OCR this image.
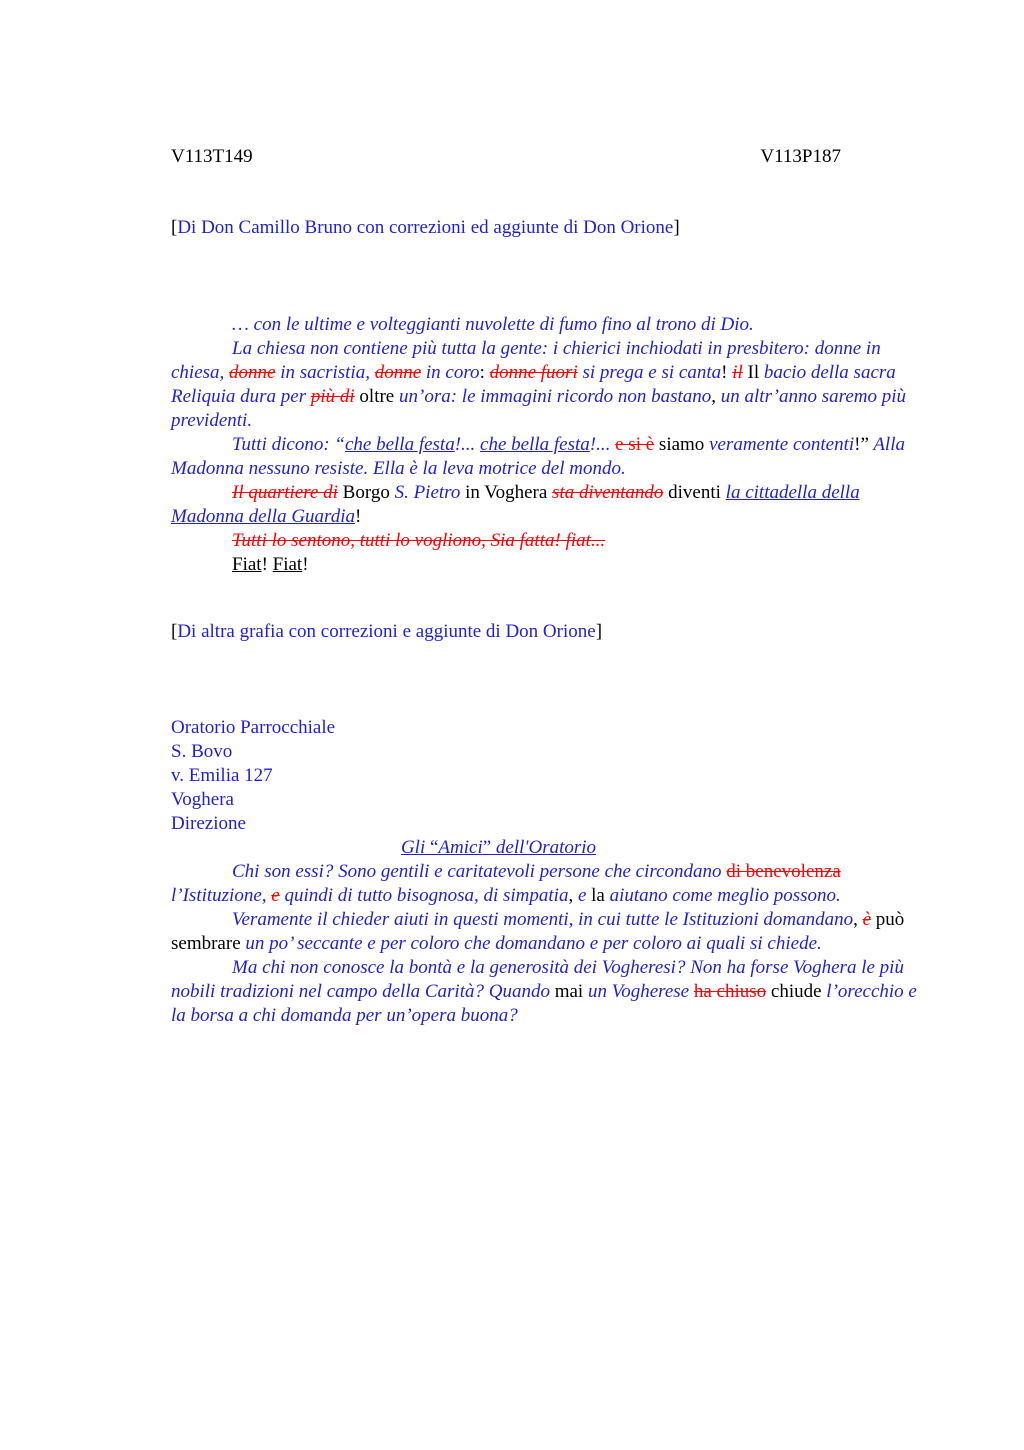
V113T149	V113P187
[Di Don Camillo Bruno con correzioni ed aggiunte di Don Orione]

… con le ultime e volteggianti nuvolette di fumo fino al trono di Dio.

La chiesa non contiene più tutta la gente: i chierici inchiodati in presbitero: donne in chiesa, donne in sacristia, donne in coro: donne fuori si prega e si canta! il Il bacio della sacra Reliquia dura per più di oltre un’ora: le immagini ricordo non bastano, un altr’anno saremo più previdenti.

Tutti dicono: “che bella festa!... che bella festa!... e si è siamo veramente contenti!” Alla Madonna nessuno resiste. Ella è la leva motrice del mondo.

Il quartiere di Borgo S. Pietro in Voghera sta diventando diventi la cittadella della Madonna della Guardia!

Tutti lo sentono, tutti lo vogliono, Sia fatta! fiat...

Fiat! Fiat!

[Di altra grafia con correzioni e aggiunte di Don Orione]
Oratorio Parrocchiale
S. Bovo
v. Emilia 127
Voghera
Direzione

Gli “Amici” dell'Oratorio

Chi son essi? Sono gentili e caritatevoli persone che circondano di benevolenza l’Istituzione, e quindi di tutto bisognosa, di simpatia, e la aiutano come meglio possono.

Veramente il chieder aiuti in questi momenti, in cui tutte le Istituzioni domandano, è può sembrare un po’ seccante e per coloro che domandano e per coloro ai quali si chiede.

Ma chi non conosce la bontà e la generosità dei Vogheresi? Non ha forse Voghera le più nobili tradizioni nel campo della Carità? Quando mai un Vogherese ha chiuso chiude l’orecchio e la borsa a chi domanda per un’opera buona?
